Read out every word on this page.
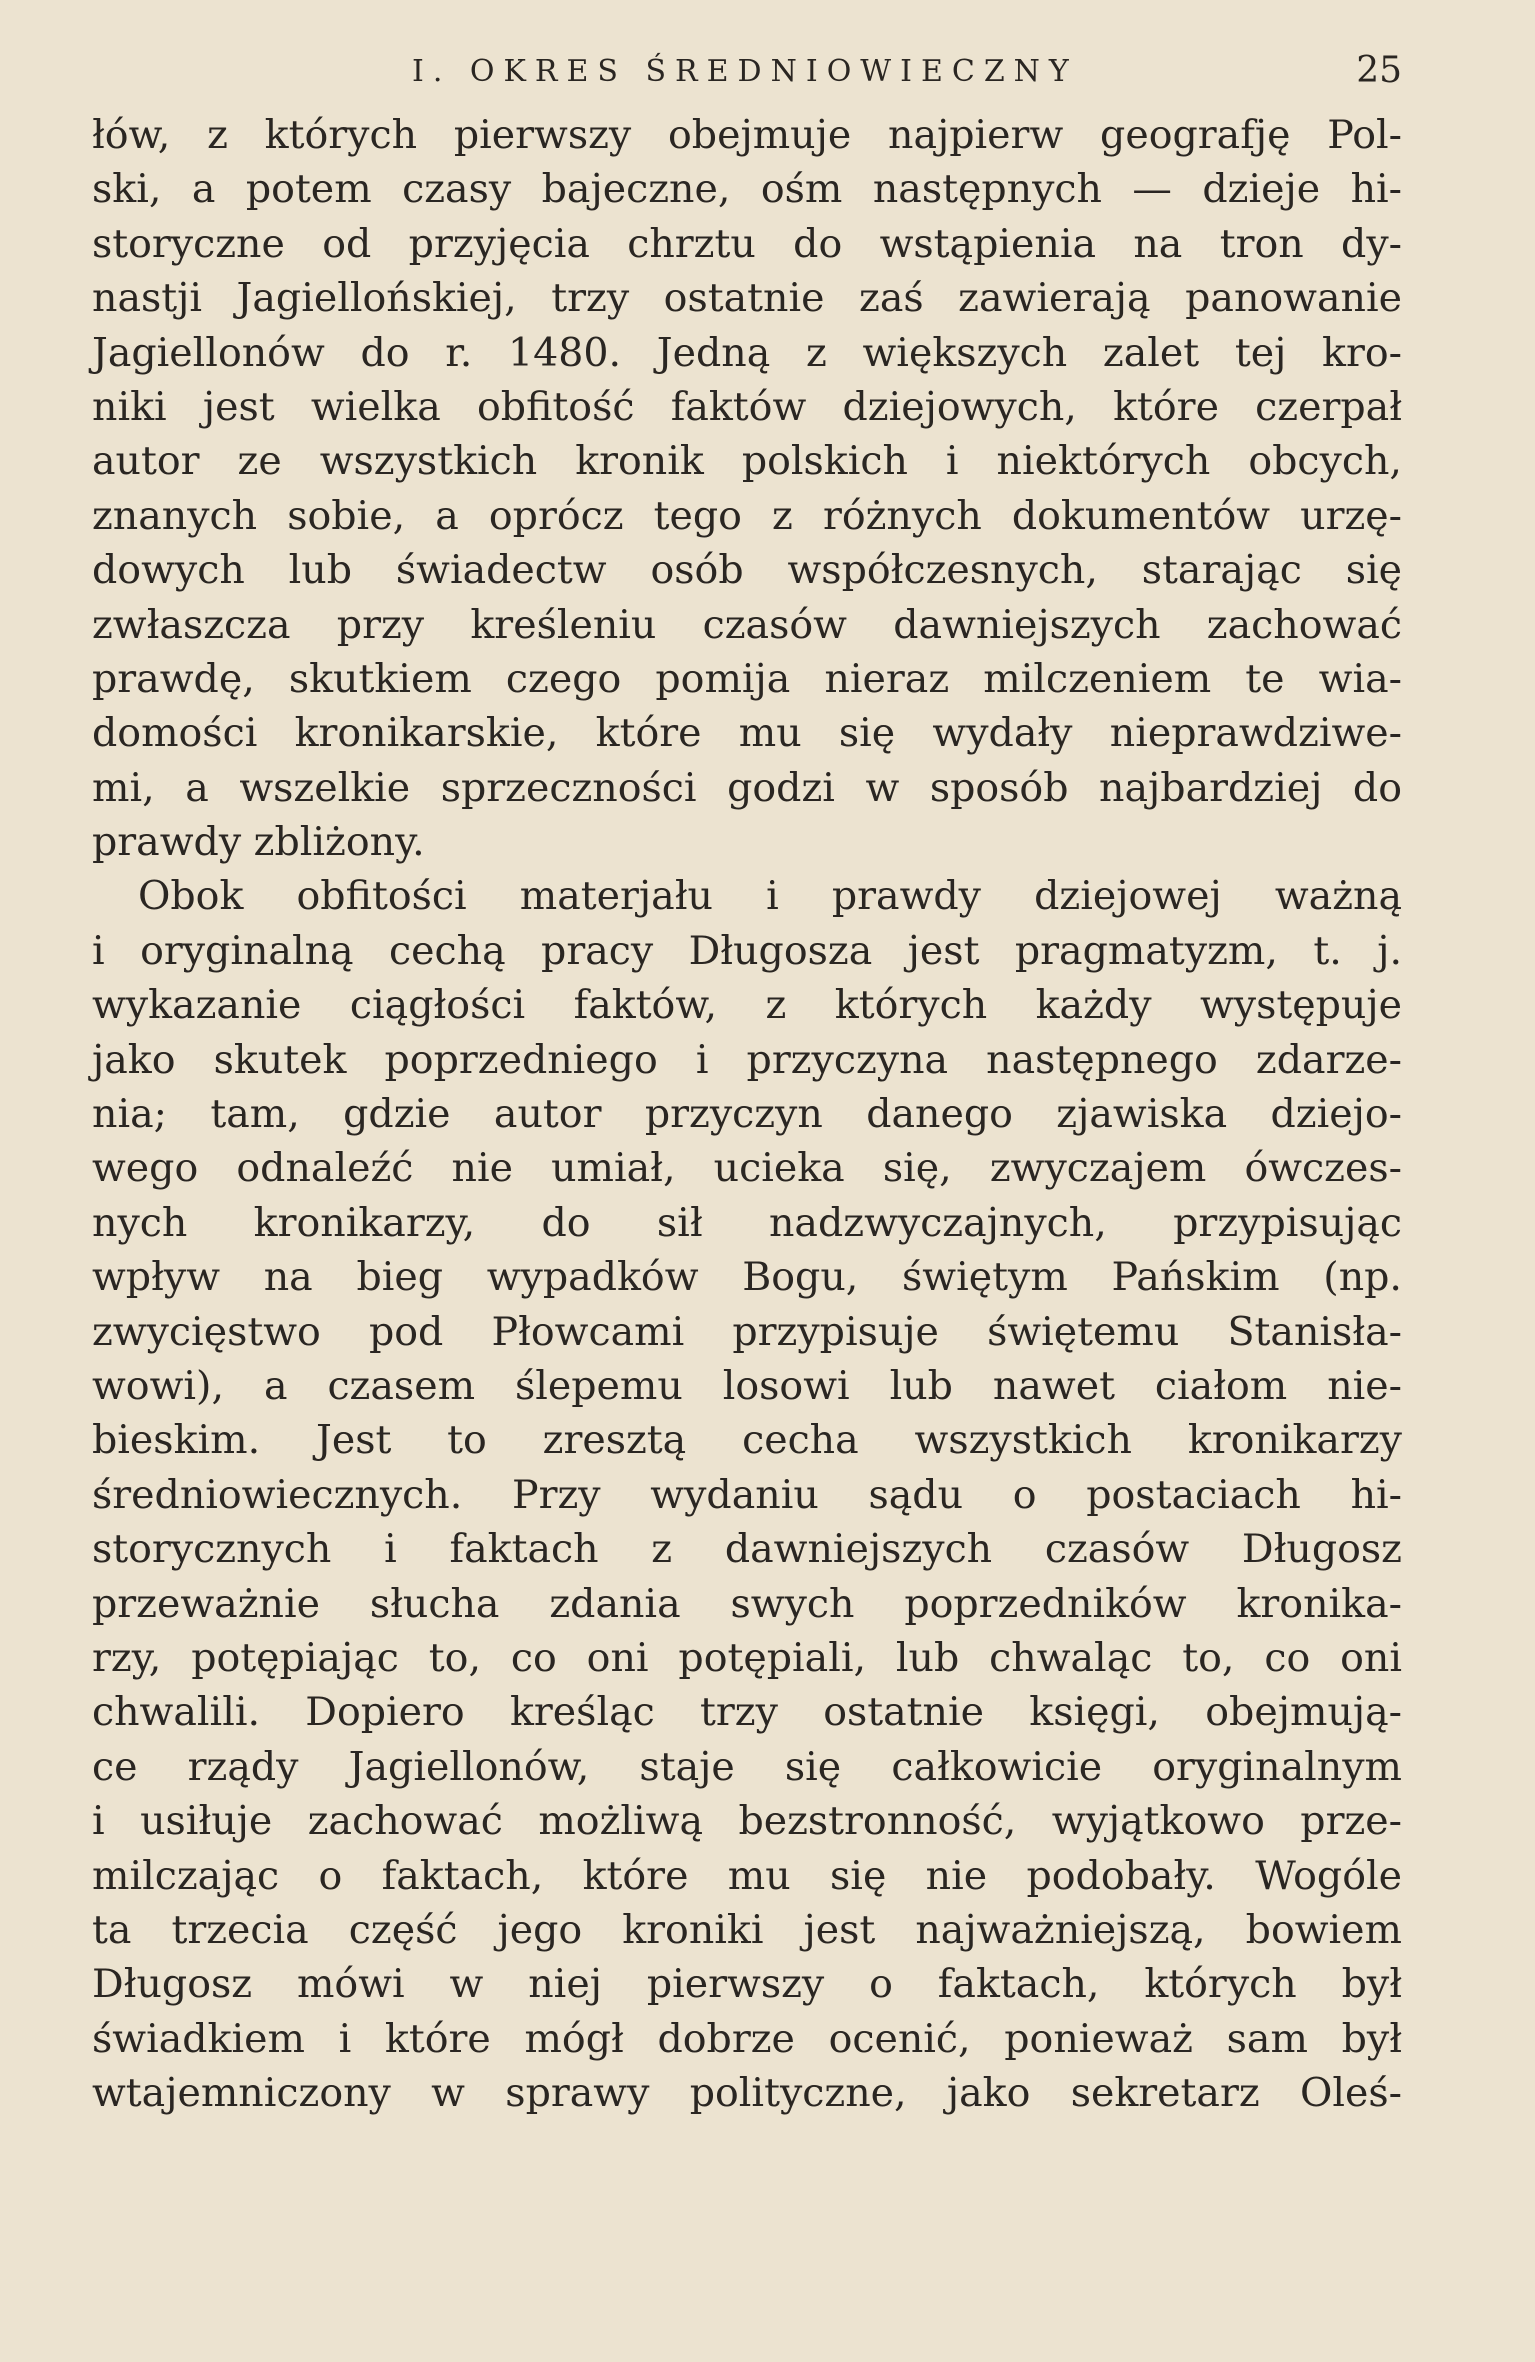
I. OKRES ŚREDNIOWIECZNY	25
łów, z których pierwszy obejmuje najpierw geografję Pol-
ski, a potem czasy bajeczne, ośm następnych — dzieje hi-
storyczne od przyjęcia chrztu do wstąpienia na tron dy-
nastji Jagiellońskiej, trzy ostatnie zaś zawierają panowanie
Jagiellonów do r. 1480. Jedną z większych zalet tej kro-
niki jest wielka obfitość faktów dziejowych, które czerpał
autor ze wszystkich kronik polskich i niektórych obcych,
znanych sobie, a oprócz tego z różnych dokumentów urzę-
dowych lub świadectw osób współczesnych, starając się
zwłaszcza przy kreśleniu czasów dawniejszych zachować
prawdę, skutkiem czego pomija nieraz milczeniem te wia-
domości kronikarskie, które mu się wydały nieprawdziwe-
mi, a wszelkie sprzeczności godzi w sposób najbardziej do
prawdy zbliżony.
Obok obfitości materjału i prawdy dziejowej ważną
i oryginalną cechą pracy Długosza jest pragmatyzm, t. j.
wykazanie ciągłości faktów, z których każdy występuje
jako skutek poprzedniego i przyczyna następnego zdarze-
nia; tam, gdzie autor przyczyn danego zjawiska dziejo-
wego odnaleźć nie umiał, ucieka się, zwyczajem ówczes-
nych kronikarzy, do sił nadzwyczajnych, przypisując
wpływ na bieg wypadków Bogu, świętym Pańskim (np.
zwycięstwo pod Płowcami przypisuje świętemu Stanisła-
wowi), a czasem ślepemu losowi lub nawet ciałom nie-
bieskim. Jest to zresztą cecha wszystkich kronikarzy
średniowiecznych. Przy wydaniu sądu o postaciach hi-
storycznych i faktach z dawniejszych czasów Długosz
przeważnie słucha zdania swych poprzedników kronika-
rzy, potępiając to, co oni potępiali, lub chwaląc to, co oni
chwalili. Dopiero kreśląc trzy ostatnie księgi, obejmują-
ce rządy Jagiellonów, staje się całkowicie oryginalnym
i usiłuje zachować możliwą bezstronność, wyjątkowo prze-
milczając o faktach, które mu się nie podobały. Wogóle
ta trzecia część jego kroniki jest najważniejszą, bowiem
Długosz mówi w niej pierwszy o faktach, których był
świadkiem i które mógł dobrze ocenić, ponieważ sam był
wtajemniczony w sprawy polityczne, jako sekretarz Oleś-
